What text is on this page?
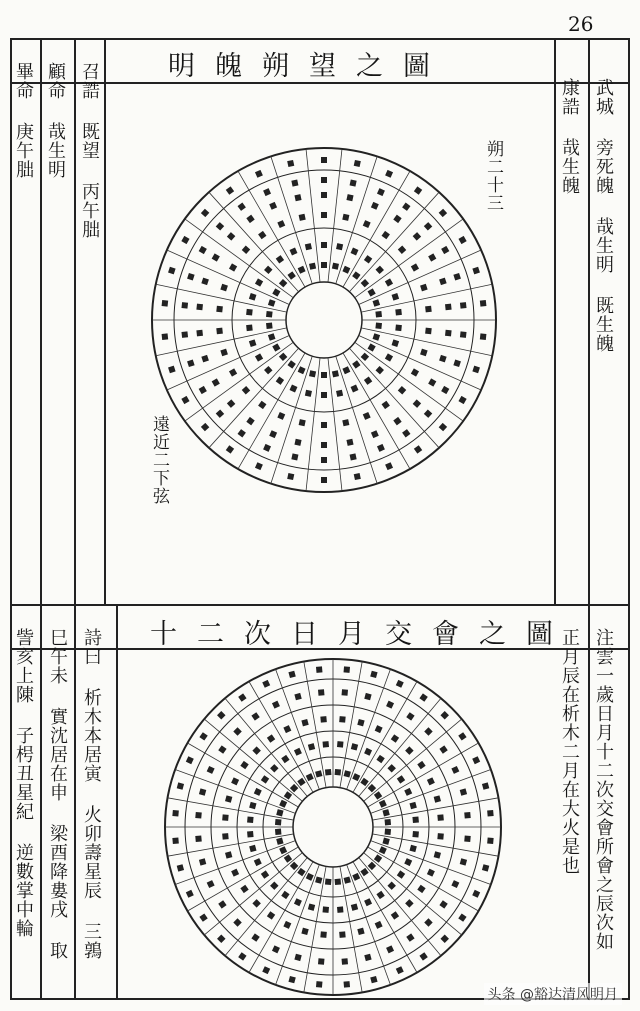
26
明魄朔望之圖
召誥 既望 丙午朏
顧命 哉生明
畢命 庚午朏	武城 旁死魄 哉生明 既生魄
康誥 哉生魄
朔二十三
遠近二下弦
十二次日月交會之圖
詩曰 析木本居寅 火卯壽星辰 三鶉
巳午未 實沈居在申 梁酉降婁戌 取
訾亥上陳 子枵丑星紀 逆數掌中輪	注雲一歲日月十二次交會所會之辰次如
正月辰在析木二月在大火是也
头条 @豁达清风明月
